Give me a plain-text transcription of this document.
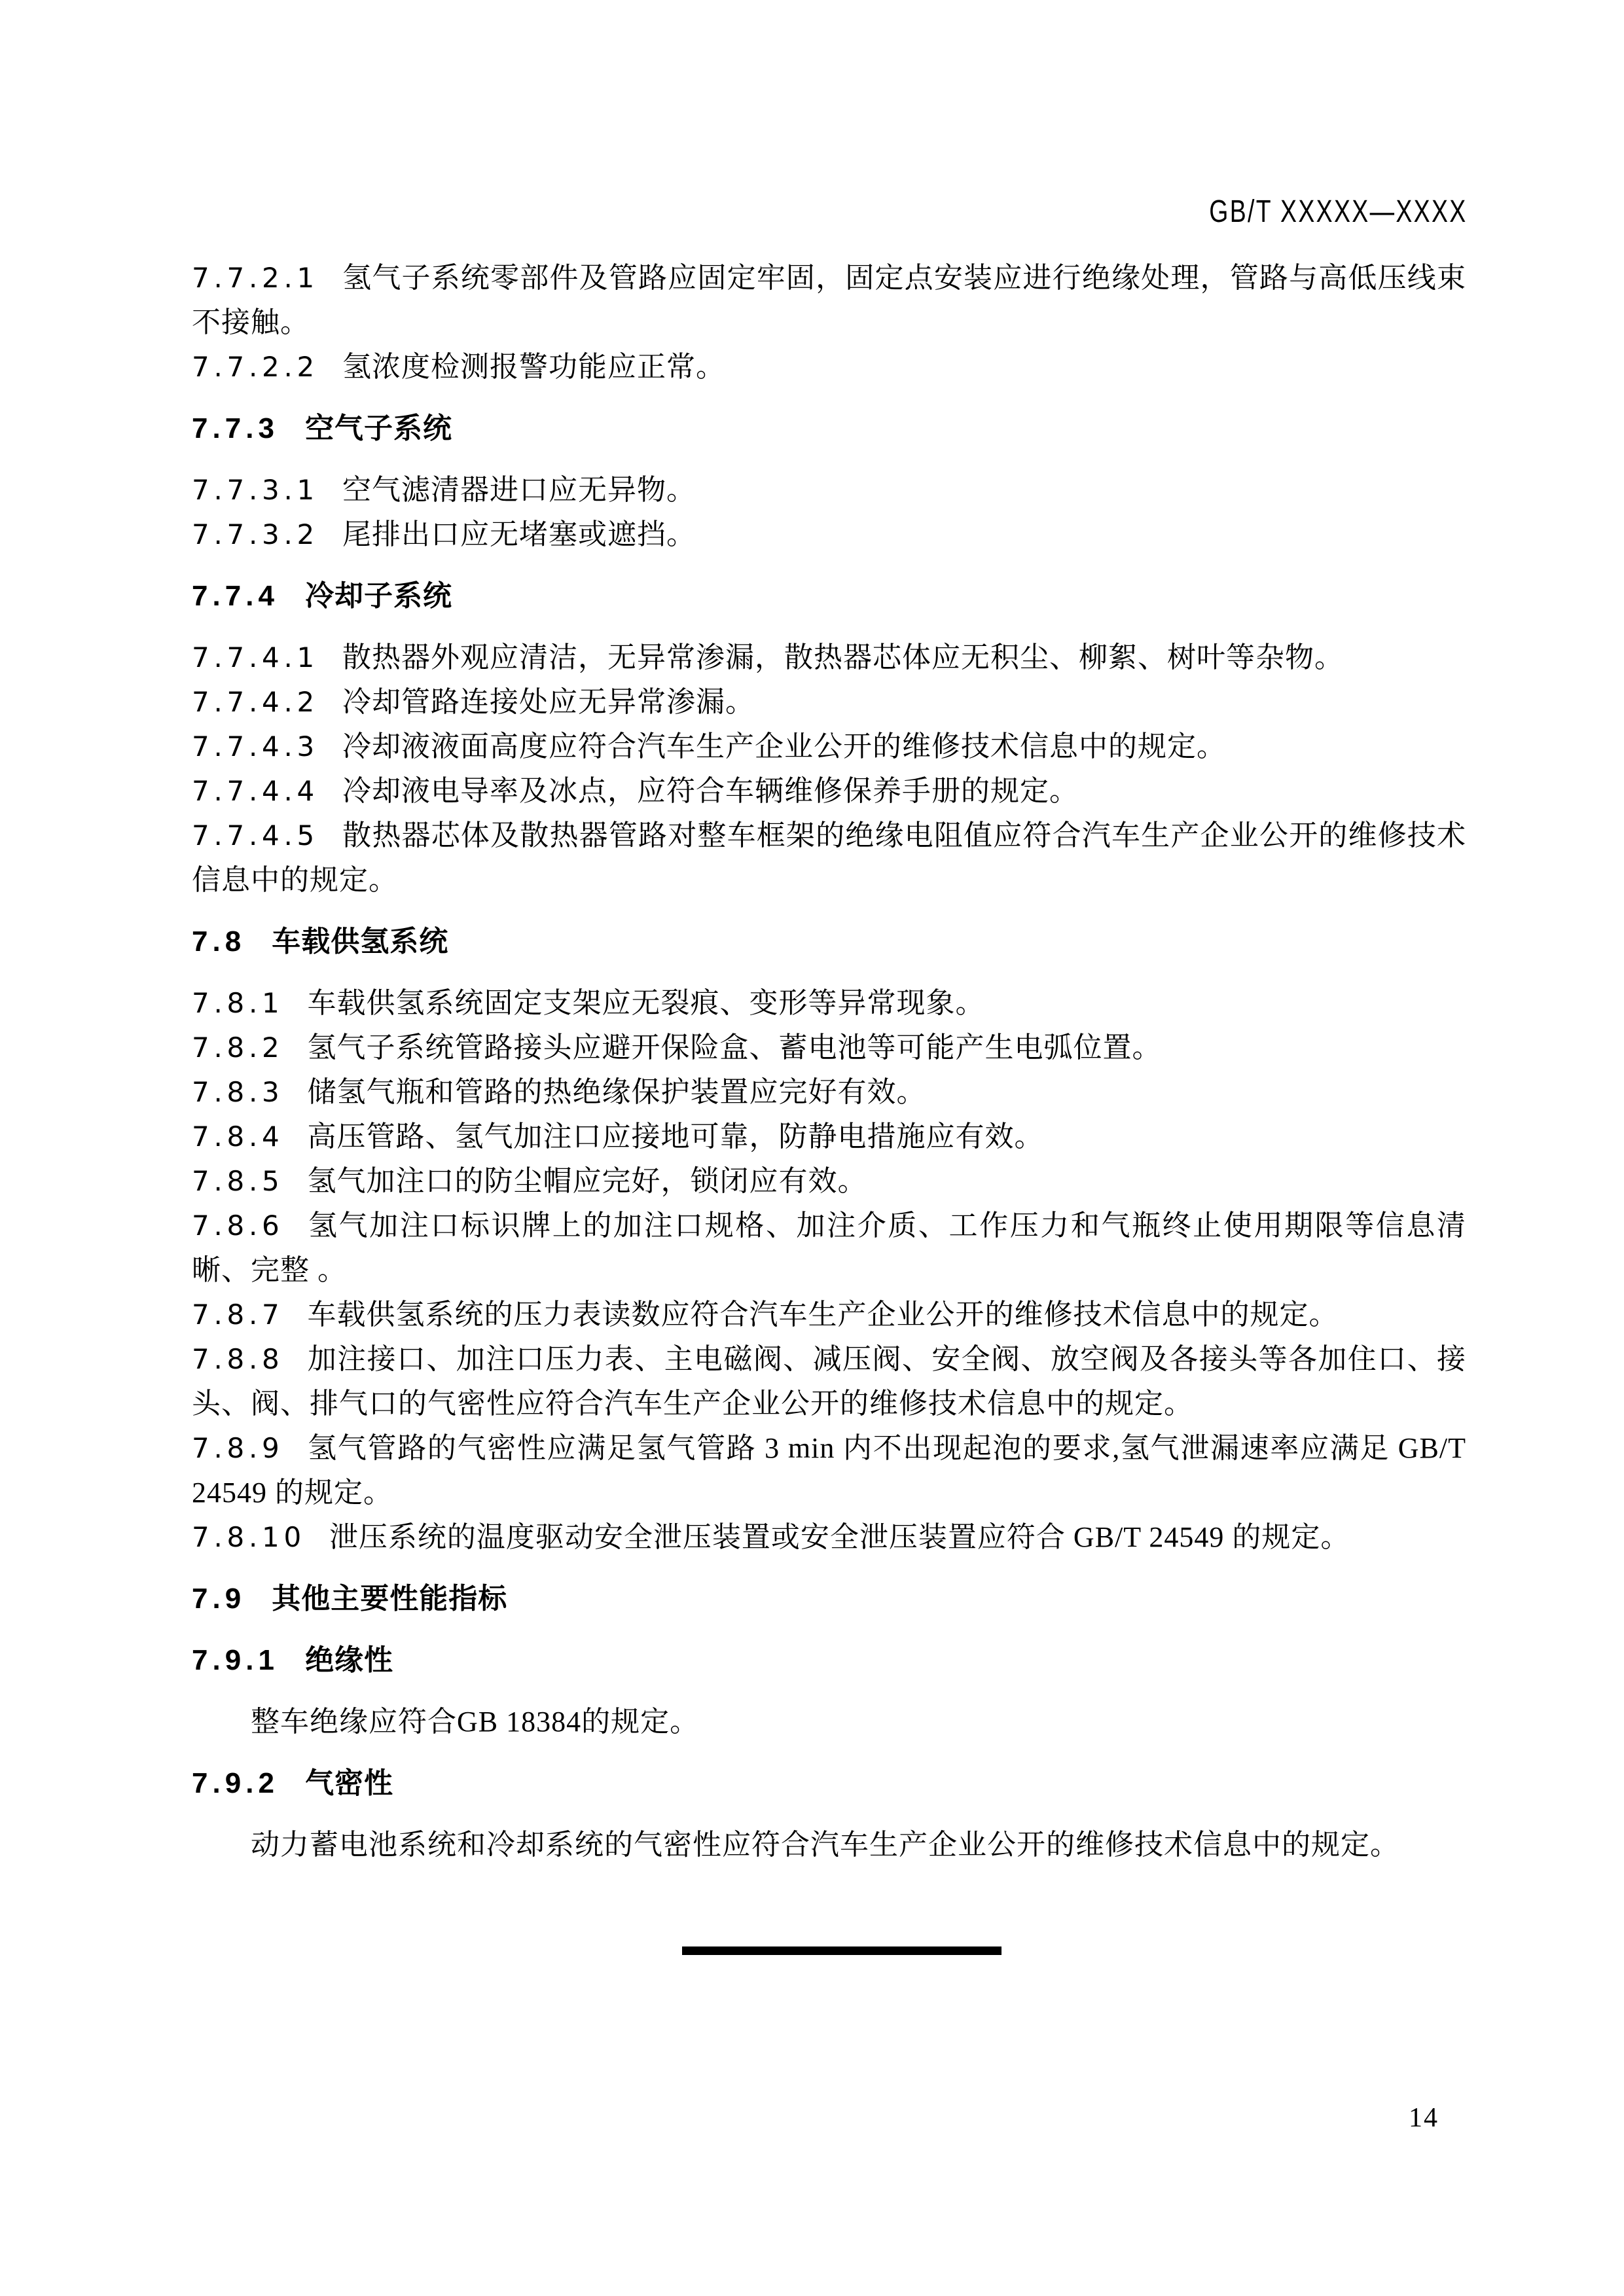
GB/T XXXXX—XXXX

7.7.2.1 氢气子系统零部件及管路应固定牢固，固定点安装应进行绝缘处理，管路与高低压线束不接触。

7.7.2.2 氢浓度检测报警功能应正常。

7.7.3 空气子系统

7.7.3.1 空气滤清器进口应无异物。

7.7.3.2 尾排出口应无堵塞或遮挡。

7.7.4 冷却子系统

7.7.4.1 散热器外观应清洁，无异常渗漏，散热器芯体应无积尘、柳絮、树叶等杂物。

7.7.4.2 冷却管路连接处应无异常渗漏。

7.7.4.3 冷却液液面高度应符合汽车生产企业公开的维修技术信息中的规定。

7.7.4.4 冷却液电导率及冰点，应符合车辆维修保养手册的规定。

7.7.4.5 散热器芯体及散热器管路对整车框架的绝缘电阻值应符合汽车生产企业公开的维修技术信息中的规定。

7.8 车载供氢系统

7.8.1 车载供氢系统固定支架应无裂痕、变形等异常现象。

7.8.2 氢气子系统管路接头应避开保险盒、蓄电池等可能产生电弧位置。

7.8.3 储氢气瓶和管路的热绝缘保护装置应完好有效。

7.8.4 高压管路、氢气加注口应接地可靠，防静电措施应有效。

7.8.5 氢气加注口的防尘帽应完好，锁闭应有效。

7.8.6 氢气加注口标识牌上的加注口规格、加注介质、工作压力和气瓶终止使用期限等信息清晰、完整 。

7.8.7 车载供氢系统的压力表读数应符合汽车生产企业公开的维修技术信息中的规定。

7.8.8 加注接口、加注口压力表、主电磁阀、减压阀、安全阀、放空阀及各接头等各加住口、接头、阀、排气口的气密性应符合汽车生产企业公开的维修技术信息中的规定。

7.8.9 氢气管路的气密性应满足氢气管路 3 min 内不出现起泡的要求,氢气泄漏速率应满足 GB/T 24549 的规定。

7.8.10 泄压系统的温度驱动安全泄压装置或安全泄压装置应符合 GB/T 24549 的规定。

7.9 其他主要性能指标
7.9.1 绝缘性

整车绝缘应符合GB 18384的规定。

7.9.2 气密性

动力蓄电池系统和冷却系统的气密性应符合汽车生产企业公开的维修技术信息中的规定。

14
